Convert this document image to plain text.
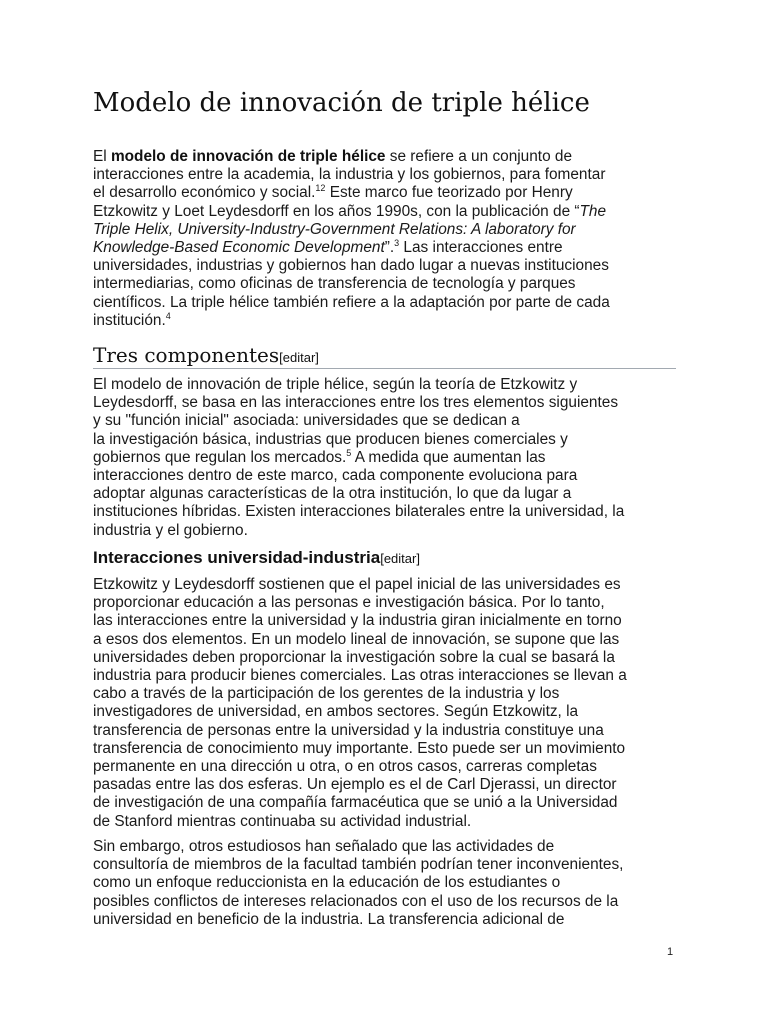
Modelo de innovación de triple hélice
El modelo de innovación de triple hélice se refiere a un conjunto de
interacciones entre la academia, la industria y los gobiernos, para fomentar
el desarrollo económico y social.$^{12}$ Este marco fue teorizado por Henry
Etzkowitz y Loet Leydesdorff en los años 1990s, con la publicación de “The
Triple Helix, University-Industry-Government Relations: A laboratory for
Knowledge-Based Economic Development”.$^3$ Las interacciones entre
universidades, industrias y gobiernos han dado lugar a nuevas instituciones
intermediarias, como oficinas de transferencia de tecnología y parques
científicos. La triple hélice también refiere a la adaptación por parte de cada
institución.$^4$
Tres componentes[editar]
El modelo de innovación de triple hélice, según la teoría de Etzkowitz y
Leydesdorff, se basa en las interacciones entre los tres elementos siguientes
y su "función inicial" asociada: universidades que se dedican a
la investigación básica, industrias que producen bienes comerciales y
gobiernos que regulan los mercados.$^5$ A medida que aumentan las
interacciones dentro de este marco, cada componente evoluciona para
adoptar algunas características de la otra institución, lo que da lugar a
instituciones híbridas. Existen interacciones bilaterales entre la universidad, la
industria y el gobierno.
Interacciones universidad-industria[editar]
Etzkowitz y Leydesdorff sostienen que el papel inicial de las universidades es
proporcionar educación a las personas e investigación básica. Por lo tanto,
las interacciones entre la universidad y la industria giran inicialmente en torno
a esos dos elementos. En un modelo lineal de innovación, se supone que las
universidades deben proporcionar la investigación sobre la cual se basará la
industria para producir bienes comerciales. Las otras interacciones se llevan a
cabo a través de la participación de los gerentes de la industria y los
investigadores de universidad, en ambos sectores. Según Etzkowitz, la
transferencia de personas entre la universidad y la industria constituye una
transferencia de conocimiento muy importante. Esto puede ser un movimiento
permanente en una dirección u otra, o en otros casos, carreras completas
pasadas entre las dos esferas. Un ejemplo es el de Carl Djerassi, un director
de investigación de una compañía farmacéutica que se unió a la Universidad
de Stanford mientras continuaba su actividad industrial.
Sin embargo, otros estudiosos han señalado que las actividades de
consultoría de miembros de la facultad también podrían tener inconvenientes,
como un enfoque reduccionista en la educación de los estudiantes o
posibles conflictos de intereses relacionados con el uso de los recursos de la
universidad en beneficio de la industria. La transferencia adicional de
1
